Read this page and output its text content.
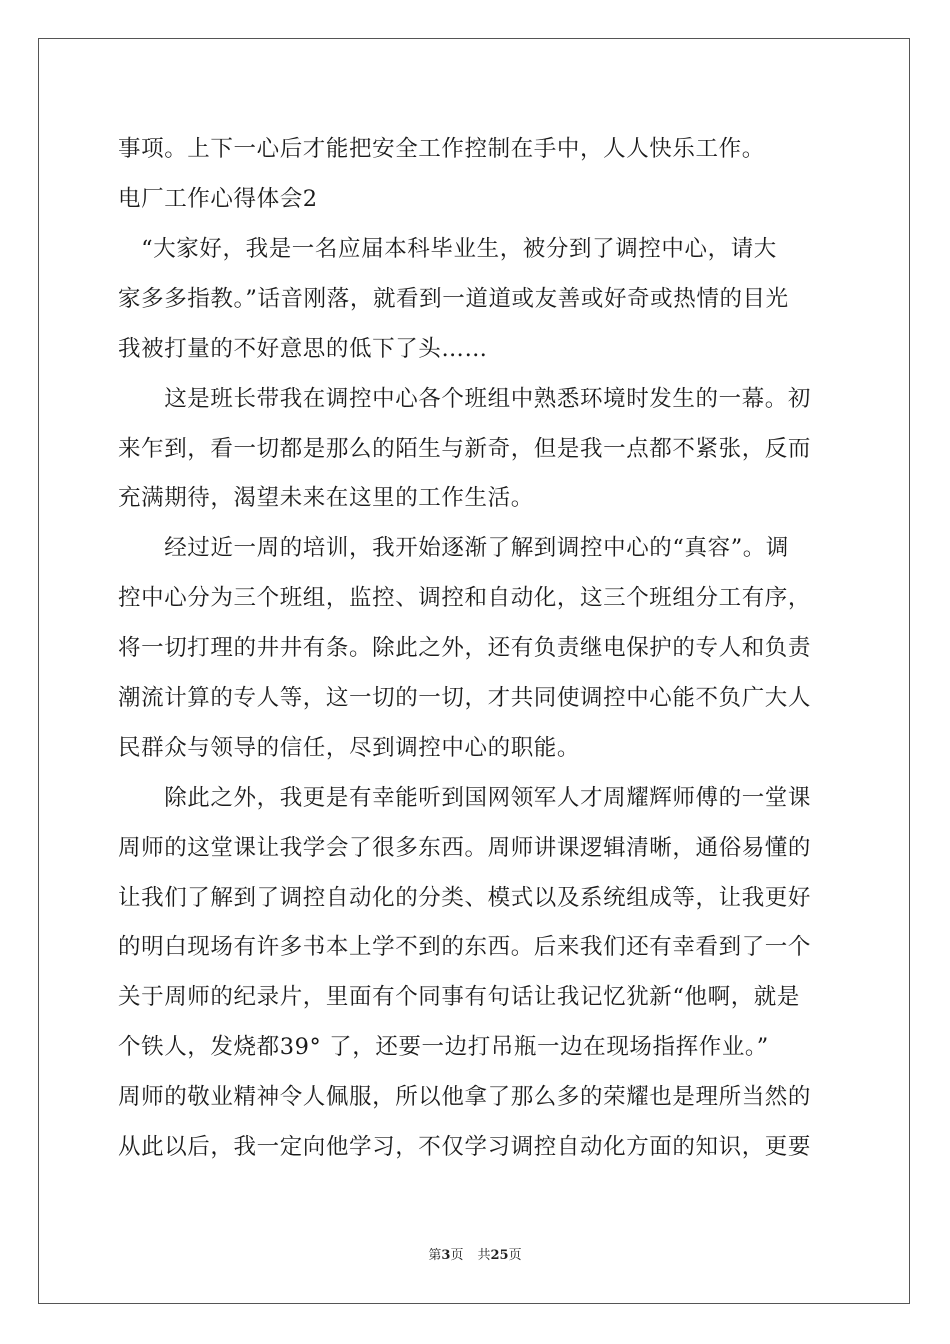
事项。上下一心后才能把安全工作控制在手中，人人快乐工作。
电厂工作心得体会2
　“大家好，我是一名应届本科毕业生，被分到了调控中心，请大
家多多指教。”话音刚落，就看到一道道或友善或好奇或热情的目光
我被打量的不好意思的低下了头……
　　这是班长带我在调控中心各个班组中熟悉环境时发生的一幕。初
来乍到，看一切都是那么的陌生与新奇，但是我一点都不紧张，反而
充满期待，渴望未来在这里的工作生活。
　　经过近一周的培训，我开始逐渐了解到调控中心的“真容”。调
控中心分为三个班组，监控、调控和自动化，这三个班组分工有序，
将一切打理的井井有条。除此之外，还有负责继电保护的专人和负责
潮流计算的专人等，这一切的一切，才共同使调控中心能不负广大人
民群众与领导的信任，尽到调控中心的职能。
　　除此之外，我更是有幸能听到国网领军人才周耀辉师傅的一堂课
周师的这堂课让我学会了很多东西。周师讲课逻辑清晰，通俗易懂的
让我们了解到了调控自动化的分类、模式以及系统组成等，让我更好
的明白现场有许多书本上学不到的东西。后来我们还有幸看到了一个
关于周师的纪录片，里面有个同事有句话让我记忆犹新“他啊，就是
个铁人，发烧都39° 了，还要一边打吊瓶一边在现场指挥作业。”
周师的敬业精神令人佩服，所以他拿了那么多的荣耀也是理所当然的
从此以后，我一定向他学习，不仅学习调控自动化方面的知识，更要
第3页 共25页
